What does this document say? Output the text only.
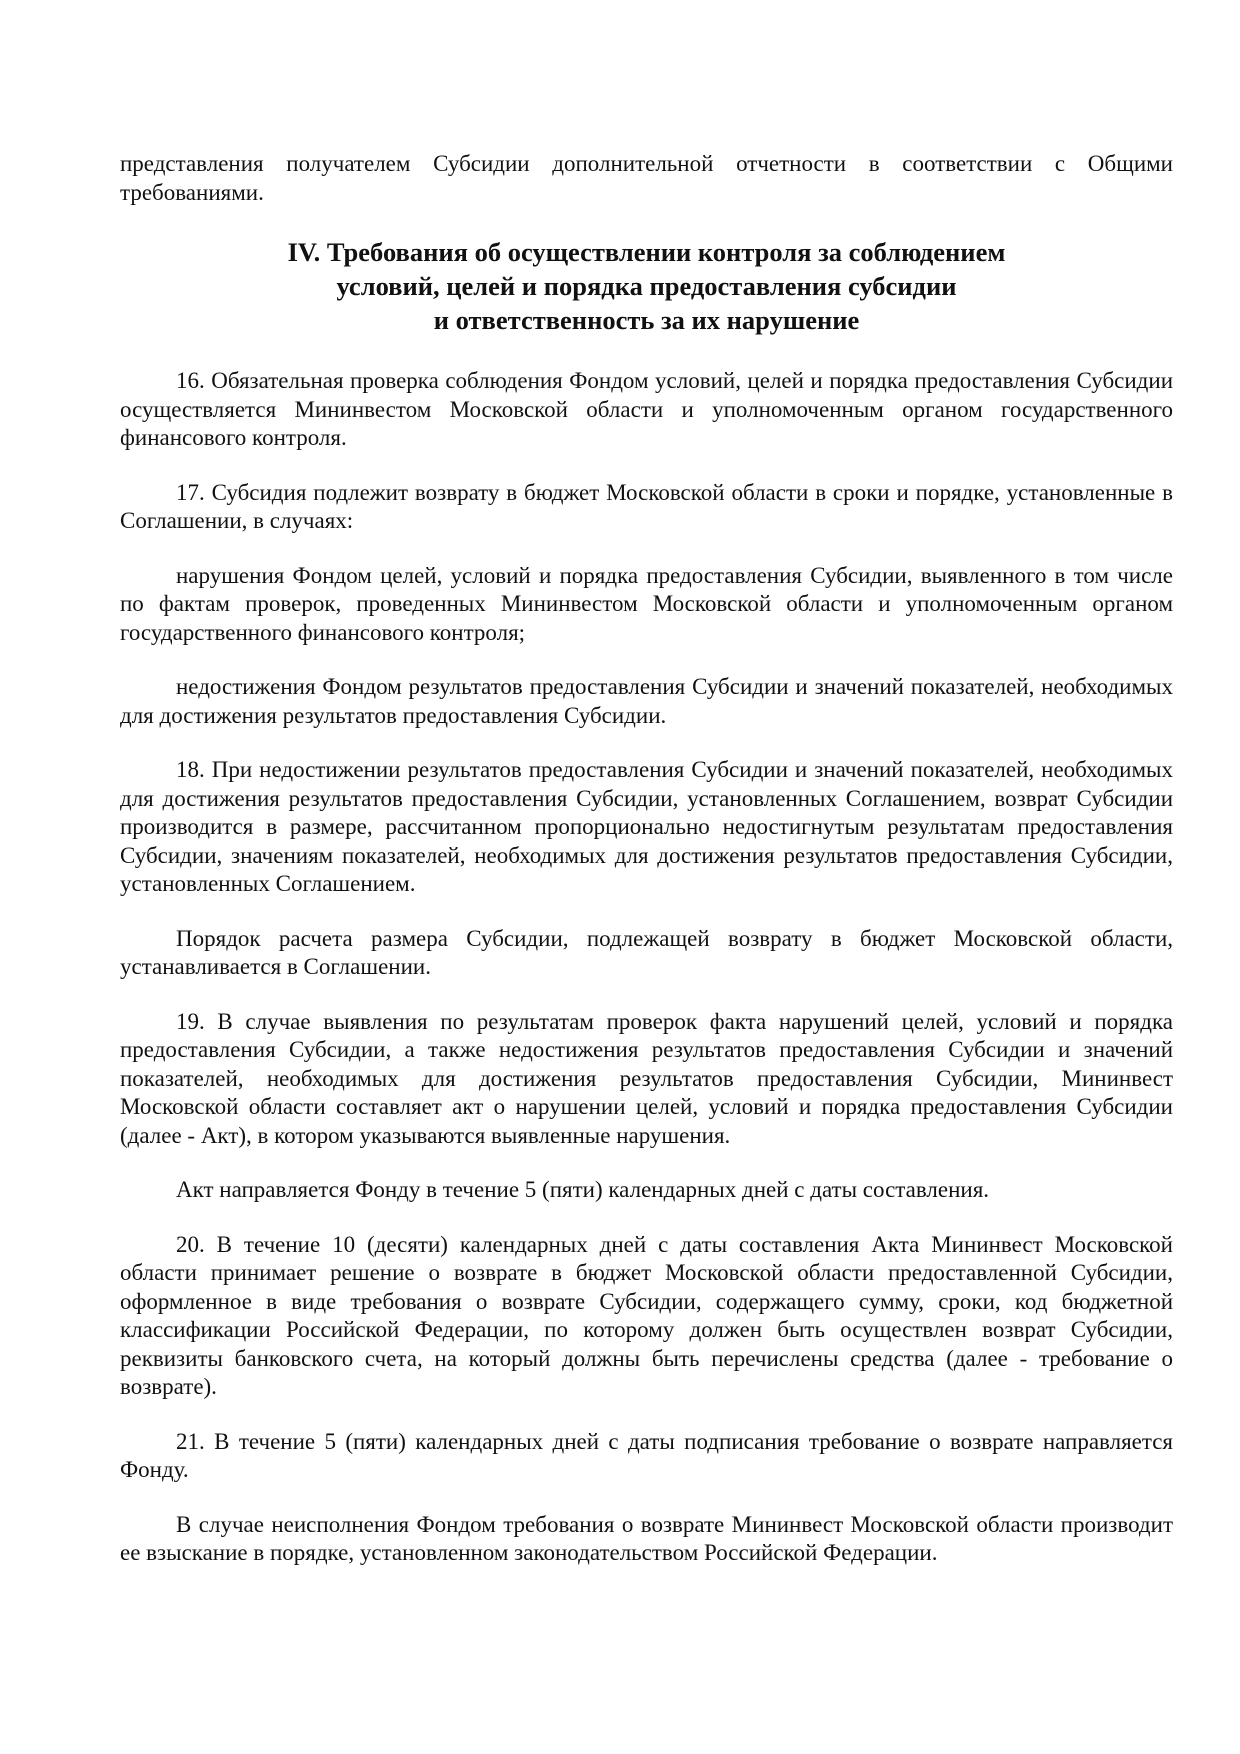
представления получателем Субсидии дополнительной отчетности в соответствии с Общими требованиями.

IV. Требования об осуществлении контроля за соблюдением
условий, целей и порядка предоставления субсидии
и ответственность за их нарушение

16. Обязательная проверка соблюдения Фондом условий, целей и порядка предоставления Субсидии осуществляется Мининвестом Московской области и уполномоченным органом государственного финансового контроля.

17. Субсидия подлежит возврату в бюджет Московской области в сроки и порядке, установленные в Соглашении, в случаях:

нарушения Фондом целей, условий и порядка предоставления Субсидии, выявленного в том числе по фактам проверок, проведенных Мининвестом Московской области и уполномоченным органом государственного финансового контроля;

недостижения Фондом результатов предоставления Субсидии и значений показателей, необходимых для достижения результатов предоставления Субсидии.

18. При недостижении результатов предоставления Субсидии и значений показателей, необходимых для достижения результатов предоставления Субсидии, установленных Соглашением, возврат Субсидии производится в размере, рассчитанном пропорционально недостигнутым результатам предоставления Субсидии, значениям показателей, необходимых для достижения результатов предоставления Субсидии, установленных Соглашением.

Порядок расчета размера Субсидии, подлежащей возврату в бюджет Московской области, устанавливается в Соглашении.

19. В случае выявления по результатам проверок факта нарушений целей, условий и порядка предоставления Субсидии, а также недостижения результатов предоставления Субсидии и значений показателей, необходимых для достижения результатов предоставления Субсидии, Мининвест Московской области составляет акт о нарушении целей, условий и порядка предоставления Субсидии (далее - Акт), в котором указываются выявленные нарушения.

Акт направляется Фонду в течение 5 (пяти) календарных дней с даты составления.

20. В течение 10 (десяти) календарных дней с даты составления Акта Мининвест Московской области принимает решение о возврате в бюджет Московской области предоставленной Субсидии, оформленное в виде требования о возврате Субсидии, содержащего сумму, сроки, код бюджетной классификации Российской Федерации, по которому должен быть осуществлен возврат Субсидии, реквизиты банковского счета, на который должны быть перечислены средства (далее - требование о возврате).

21. В течение 5 (пяти) календарных дней с даты подписания требование о возврате направляется Фонду.

В случае неисполнения Фондом требования о возврате Мининвест Московской области производит ее взыскание в порядке, установленном законодательством Российской Федерации.
